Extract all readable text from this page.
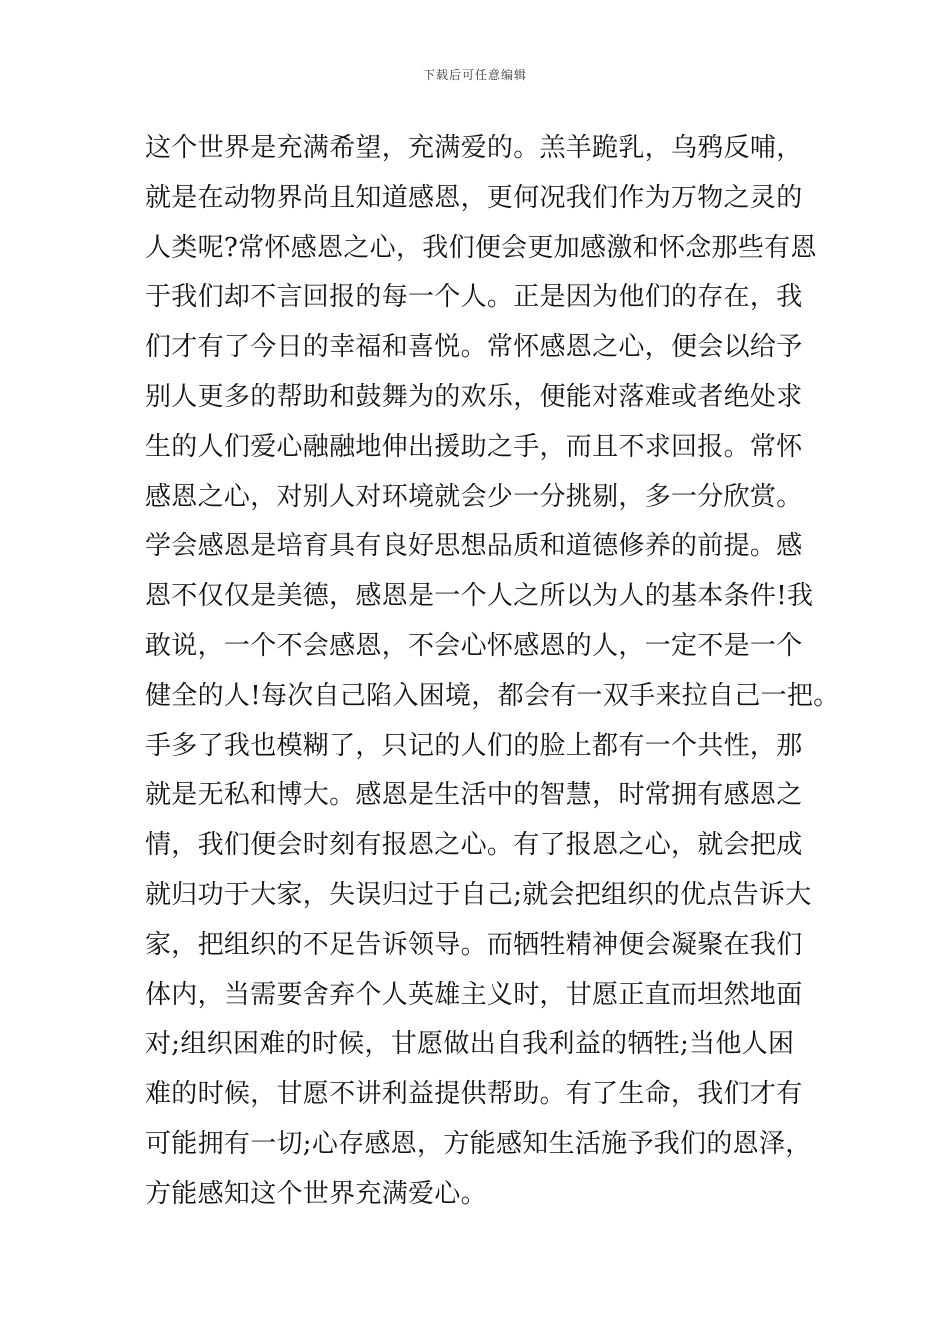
下载后可任意编辑
这个世界是充满希望，充满爱的。羔羊跪乳，乌鸦反哺，
就是在动物界尚且知道感恩，更何况我们作为万物之灵的
人类呢?常怀感恩之心，我们便会更加感激和怀念那些有恩
于我们却不言回报的每一个人。正是因为他们的存在，我
们才有了今日的幸福和喜悦。常怀感恩之心，便会以给予
别人更多的帮助和鼓舞为的欢乐，便能对落难或者绝处求
生的人们爱心融融地伸出援助之手，而且不求回报。常怀
感恩之心，对别人对环境就会少一分挑剔，多一分欣赏。
学会感恩是培育具有良好思想品质和道德修养的前提。感
恩不仅仅是美德，感恩是一个人之所以为人的基本条件!我
敢说，一个不会感恩，不会心怀感恩的人，一定不是一个
健全的人!每次自己陷入困境，都会有一双手来拉自己一把。
手多了我也模糊了，只记的人们的脸上都有一个共性，那
就是无私和博大。感恩是生活中的智慧，时常拥有感恩之
情，我们便会时刻有报恩之心。有了报恩之心，就会把成
就归功于大家，失误归过于自己;就会把组织的优点告诉大
家，把组织的不足告诉领导。而牺牲精神便会凝聚在我们
体内，当需要舍弃个人英雄主义时，甘愿正直而坦然地面
对;组织困难的时候，甘愿做出自我利益的牺牲;当他人困
难的时候，甘愿不讲利益提供帮助。有了生命，我们才有
可能拥有一切;心存感恩，方能感知生活施予我们的恩泽，
方能感知这个世界充满爱心。
